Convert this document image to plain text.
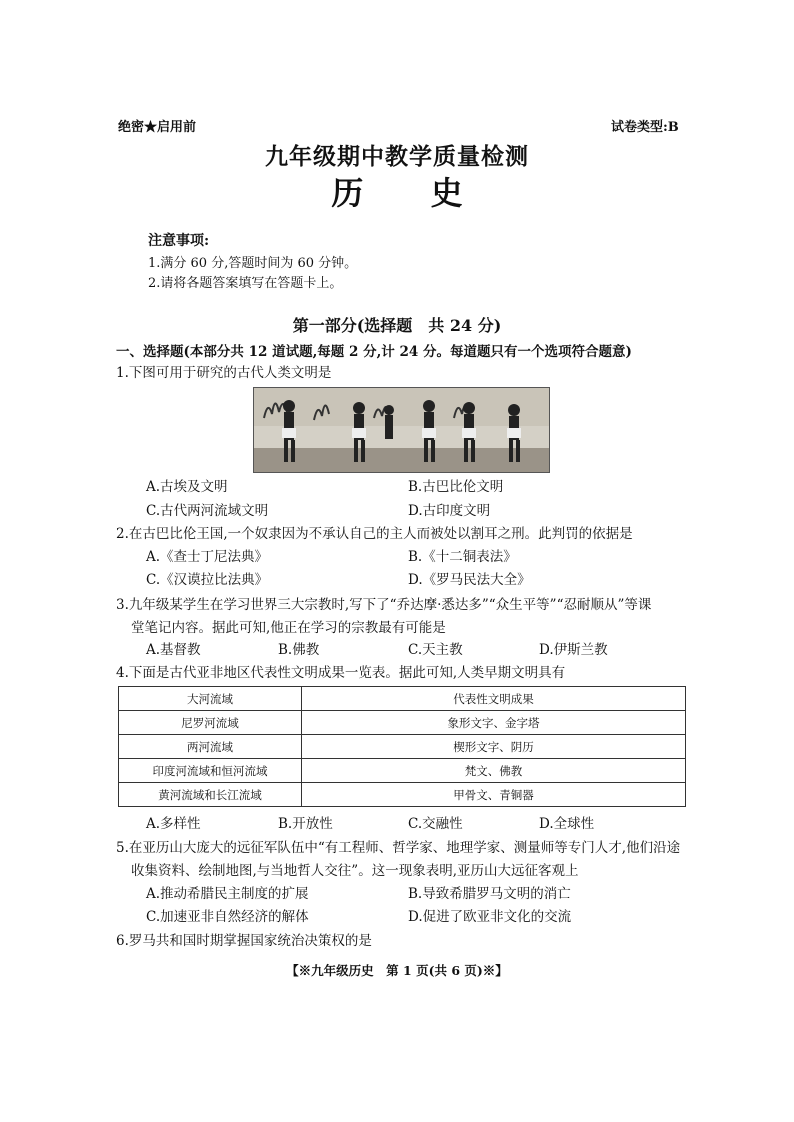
绝密★启用前	试卷类型:B
九年级期中教学质量检测
历 史
注意事项:
1.满分 60 分,答题时间为 60 分钟。
2.请将各题答案填写在答题卡上。
第一部分(选择题　共 24 分)
一、选择题(本部分共 12 道试题,每题 2 分,计 24 分。每道题只有一个选项符合题意)
1.下图可用于研究的古代人类文明是
A.古埃及文明	B.古巴比伦文明
C.古代两河流域文明	D.古印度文明
2.在古巴比伦王国,一个奴隶因为不承认自己的主人而被处以割耳之刑。此判罚的依据是
A.《查士丁尼法典》	B.《十二铜表法》
C.《汉谟拉比法典》	D.《罗马民法大全》
3.九年级某学生在学习世界三大宗教时,写下了“乔达摩·悉达多”“众生平等”“忍耐顺从”等课
堂笔记内容。据此可知,他正在学习的宗教最有可能是
A.基督教	B.佛教	C.天主教	D.伊斯兰教
4.下面是古代亚非地区代表性文明成果一览表。据此可知,人类早期文明具有
大河流域	代表性文明成果
尼罗河流域	象形文字、金字塔
两河流域	楔形文字、阴历
印度河流域和恒河流域	梵文、佛教
黄河流域和长江流域	甲骨文、青铜器
A.多样性	B.开放性	C.交融性	D.全球性
5.在亚历山大庞大的远征军队伍中“有工程师、哲学家、地理学家、测量师等专门人才,他们沿途
收集资料、绘制地图,与当地哲人交往”。这一现象表明,亚历山大远征客观上
A.推动希腊民主制度的扩展	B.导致希腊罗马文明的消亡
C.加速亚非自然经济的解体	D.促进了欧亚非文化的交流
6.罗马共和国时期掌握国家统治决策权的是
【※九年级历史　第 1 页(共 6 页)※】
